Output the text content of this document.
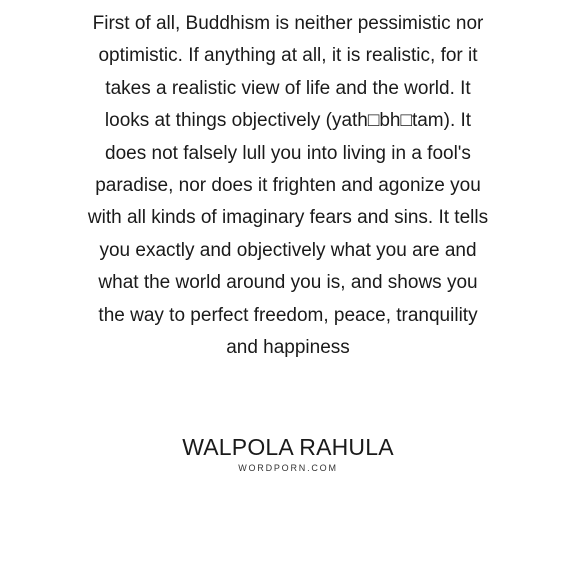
First of all, Buddhism is neither pessimistic nor
optimistic. If anything at all, it is realistic, for it
takes a realistic view of life and the world. It
looks at things objectively (yath□bh□tam). It
does not falsely lull you into living in a fool's
paradise, nor does it frighten and agonize you
with all kinds of imaginary fears and sins. It tells
you exactly and objectively what you are and
what the world around you is, and shows you
the way to perfect freedom, peace, tranquility
and happiness
WALPOLA RAHULA
WORDPORN.COM
